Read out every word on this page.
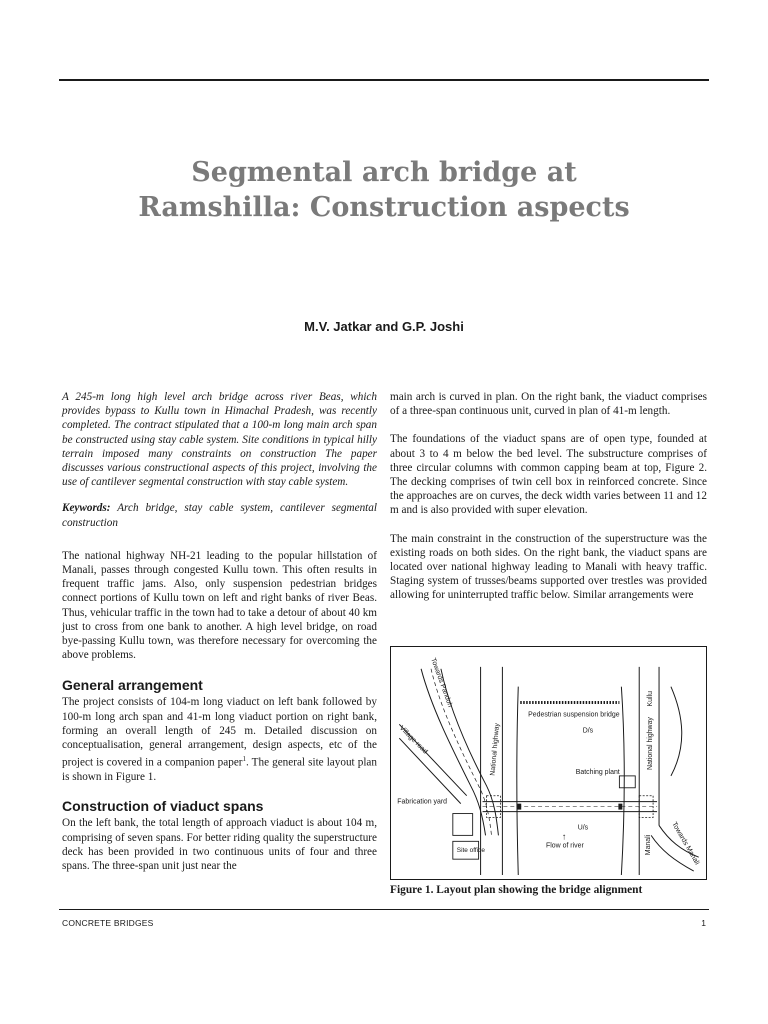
Segmental arch bridge at
Ramshilla: Construction aspects
M.V. Jatkar and G.P. Joshi

A 245-m long high level arch bridge across river Beas, which provides bypass to Kullu town in Himachal Pradesh, was recently completed. The contract stipulated that a 100-m long main arch span be constructed using stay cable system. Site conditions in typical hilly terrain imposed many constraints on construction The paper discusses various constructional aspects of this project, involving the use of cantilever segmental construction with stay cable system.

Keywords: Arch bridge, stay cable system, cantilever segmental construction

The national highway NH-21 leading to the popular hillstation of Manali, passes through congested Kullu town. This often results in frequent traffic jams. Also, only suspension pedestrian bridges connect portions of Kullu town on left and right banks of river Beas. Thus, vehicular traffic in the town had to take a detour of about 40 km just to cross from one bank to another. A high level bridge, on road bye-passing Kullu town, was therefore necessary for overcoming the above problems.

General arrangement

The project consists of 104-m long viaduct on left bank followed by 100-m long arch span and 41-m long viaduct portion on right bank, forming an overall length of 245 m. Detailed discussion on conceptualisation, general arrangement, design aspects, etc of the project is covered in a companion paper$^1$. The general site layout plan is shown in Figure 1.

Construction of viaduct spans

On the left bank, the total length of approach viaduct is about 104 m, comprising of seven spans. For better riding quality the superstructure deck has been provided in two continuous units of four and three spans. The three-span unit just near the

main arch is curved in plan. On the right bank, the viaduct comprises of a three-span continuous unit, curved in plan of 41-m length.

The foundations of the viaduct spans are of open type, founded at about 3 to 4 m below the bed level. The substructure comprises of three circular columns with common capping beam at top, Figure 2. The decking comprises of twin cell box in reinforced concrete. Since the approaches are on curves, the deck width varies between 11 and 12 m and is also provided with super elevation.

The main constraint in the construction of the superstructure was the existing roads on both sides. On the right bank, the viaduct spans are located over national highway leading to Manali with heavy traffic. Staging system of trusses/beams supported over trestles was provided allowing for uninterrupted traffic below. Similar arrangements were

Towards Pandoh
Village road	National highway
Pedestrian suspension bridge
D/s	National highway
Kullu
Batching plant
Fabrication yard
U/s
↑
Flow of river
Site office	Manali	Towards Manali
Figure 1. Layout plan showing the bridge alignment
CONCRETE BRIDGES	1
